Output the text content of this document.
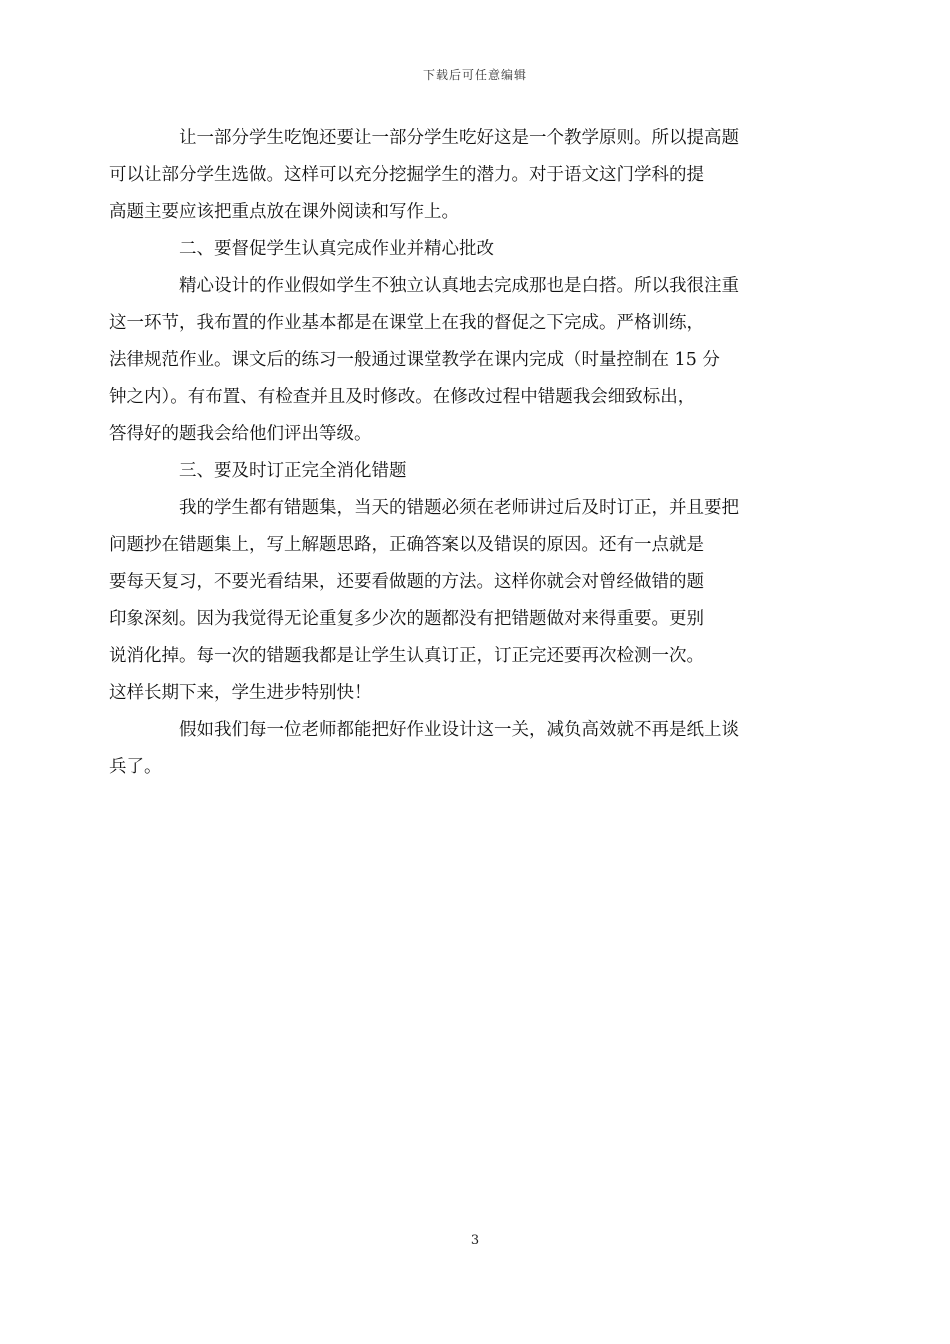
下载后可任意编辑

让一部分学生吃饱还要让一部分学生吃好这是一个教学原则。所以提高题
可以让部分学生选做。这样可以充分挖掘学生的潜力。对于语文这门学科的提
高题主要应该把重点放在课外阅读和写作上。

二、要督促学生认真完成作业并精心批改

精心设计的作业假如学生不独立认真地去完成那也是白搭。所以我很注重
这一环节，我布置的作业基本都是在课堂上在我的督促之下完成。严格训练，
法律规范作业。课文后的练习一般通过课堂教学在课内完成（时量控制在 15 分
钟之内）。有布置、有检查并且及时修改。在修改过程中错题我会细致标出，
答得好的题我会给他们评出等级。

三、要及时订正完全消化错题

我的学生都有错题集，当天的错题必须在老师讲过后及时订正，并且要把
问题抄在错题集上，写上解题思路，正确答案以及错误的原因。还有一点就是
要每天复习，不要光看结果，还要看做题的方法。这样你就会对曾经做错的题
印象深刻。因为我觉得无论重复多少次的题都没有把错题做对来得重要。更别
说消化掉。每一次的错题我都是让学生认真订正，订正完还要再次检测一次。
这样长期下来，学生进步特别快！

假如我们每一位老师都能把好作业设计这一关，减负高效就不再是纸上谈
兵了。

3
